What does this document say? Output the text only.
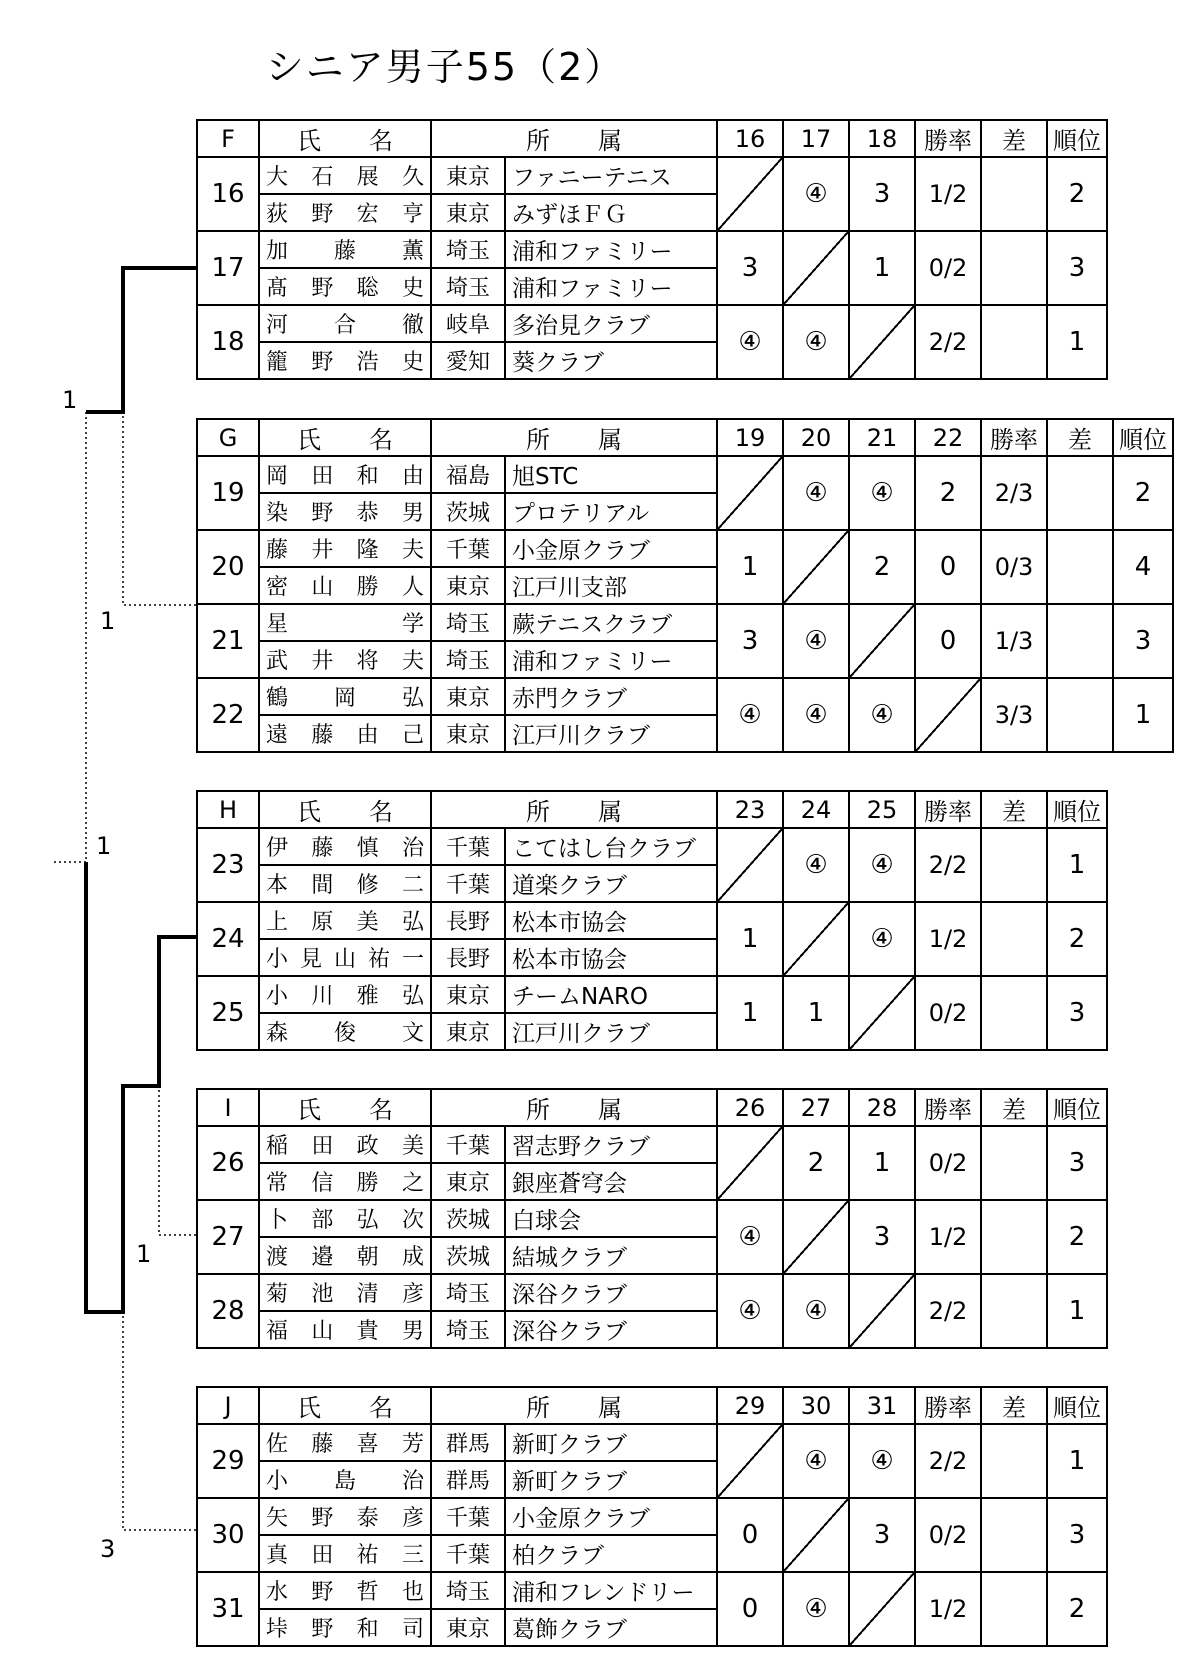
シニア男子55（2）
1
1
1
1
3
F	氏　　名	所　　属		16	17	18	勝率	差	順位
16	大石展久	東京	ファニーテニス		④	3	1/2		2
	荻野宏亨	東京	みずほＦＧ						
17	加藤薫	埼玉	浦和ファミリー	3		1	0/2		3
	髙野聡史	埼玉	浦和ファミリー						
18	河合徹	岐阜	多治見クラブ	④	④		2/2		1
	籠野浩史	愛知	葵クラブ						
G	氏　　名	所　　属		19	20	21	22	勝率	差	順位
19	岡田和由	福島	旭STC		④	④	2	2/3		2
	染野恭男	茨城	プロテリアル							
20	藤井隆夫	千葉	小金原クラブ	1		2	0	0/3		4
	密山勝人	東京	江戸川支部							
21	星学	埼玉	蕨テニスクラブ	3	④		0	1/3		3
	武井将夫	埼玉	浦和ファミリー							
22	鶴岡弘	東京	赤門クラブ	④	④	④		3/3		1
	遠藤由己	東京	江戸川クラブ							
H	氏　　名	所　　属		23	24	25	勝率	差	順位
23	伊藤慎治	千葉	こてはし台クラブ		④	④	2/2		1
	本間修二	千葉	道楽クラブ						
24	上原美弘	長野	松本市協会	1		④	1/2		2
	小見山祐一	長野	松本市協会						
25	小川雅弘	東京	チームNARO	1	1		0/2		3
	森俊文	東京	江戸川クラブ						
I	氏　　名	所　　属		26	27	28	勝率	差	順位
26	稲田政美	千葉	習志野クラブ		2	1	0/2		3
	常信勝之	東京	銀座蒼穹会						
27	卜部弘次	茨城	白球会	④		3	1/2		2
	渡邉朝成	茨城	結城クラブ						
28	菊池清彦	埼玉	深谷クラブ	④	④		2/2		1
	福山貴男	埼玉	深谷クラブ						
J	氏　　名	所　　属		29	30	31	勝率	差	順位
29	佐藤喜芳	群馬	新町クラブ		④	④	2/2		1
	小島治	群馬	新町クラブ						
30	矢野泰彦	千葉	小金原クラブ	0		3	0/2		3
	真田祐三	千葉	柏クラブ						
31	水野哲也	埼玉	浦和フレンドリー	0	④		1/2		2
	垰野和司	東京	葛飾クラブ						
